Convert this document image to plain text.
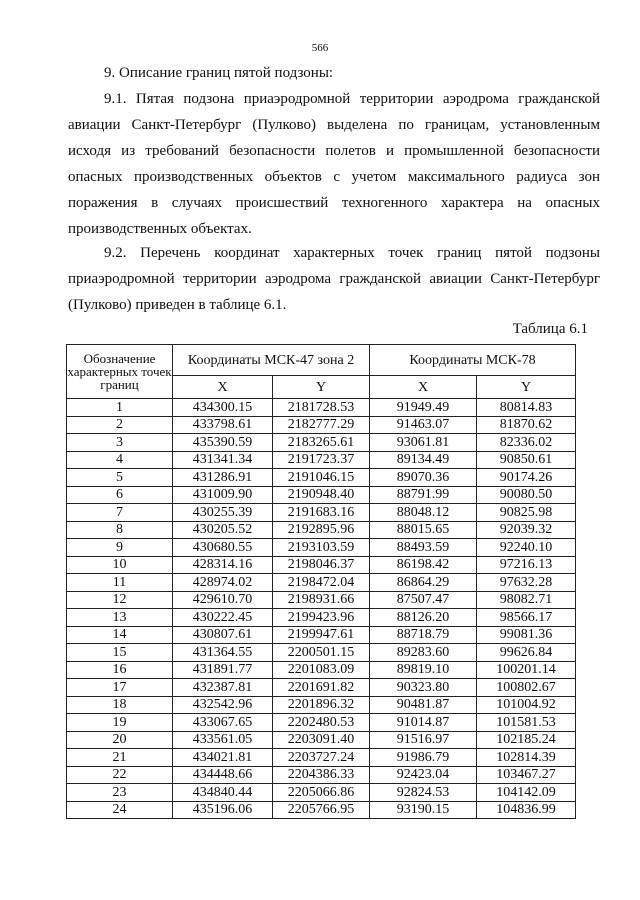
566
9. Описание границ пятой подзоны:
9.1. Пятая подзона приаэродромной территории аэродрома гражданской авиации Санкт-Петербург (Пулково) выделена по границам, установленным исходя из требований безопасности полетов и промышленной безопасности опасных производственных объектов с учетом максимального радиуса зон поражения в случаях происшествий техногенного характера на опасных производственных объектах.
9.2. Перечень координат характерных точек границ пятой подзоны приаэродромной территории аэродрома гражданской авиации Санкт-Петербург (Пулково) приведен в таблице 6.1.
Таблица 6.1
Обозначение характерных точек границ	Координаты МСК-47 зона 2		Координаты МСК-78	
	X	Y	X	Y
1	434300.15	2181728.53	91949.49	80814.83
2	433798.61	2182777.29	91463.07	81870.62
3	435390.59	2183265.61	93061.81	82336.02
4	431341.34	2191723.37	89134.49	90850.61
5	431286.91	2191046.15	89070.36	90174.26
6	431009.90	2190948.40	88791.99	90080.50
7	430255.39	2191683.16	88048.12	90825.98
8	430205.52	2192895.96	88015.65	92039.32
9	430680.55	2193103.59	88493.59	92240.10
10	428314.16	2198046.37	86198.42	97216.13
11	428974.02	2198472.04	86864.29	97632.28
12	429610.70	2198931.66	87507.47	98082.71
13	430222.45	2199423.96	88126.20	98566.17
14	430807.61	2199947.61	88718.79	99081.36
15	431364.55	2200501.15	89283.60	99626.84
16	431891.77	2201083.09	89819.10	100201.14
17	432387.81	2201691.82	90323.80	100802.67
18	432542.96	2201896.32	90481.87	101004.92
19	433067.65	2202480.53	91014.87	101581.53
20	433561.05	2203091.40	91516.97	102185.24
21	434021.81	2203727.24	91986.79	102814.39
22	434448.66	2204386.33	92423.04	103467.27
23	434840.44	2205066.86	92824.53	104142.09
24	435196.06	2205766.95	93190.15	104836.99
